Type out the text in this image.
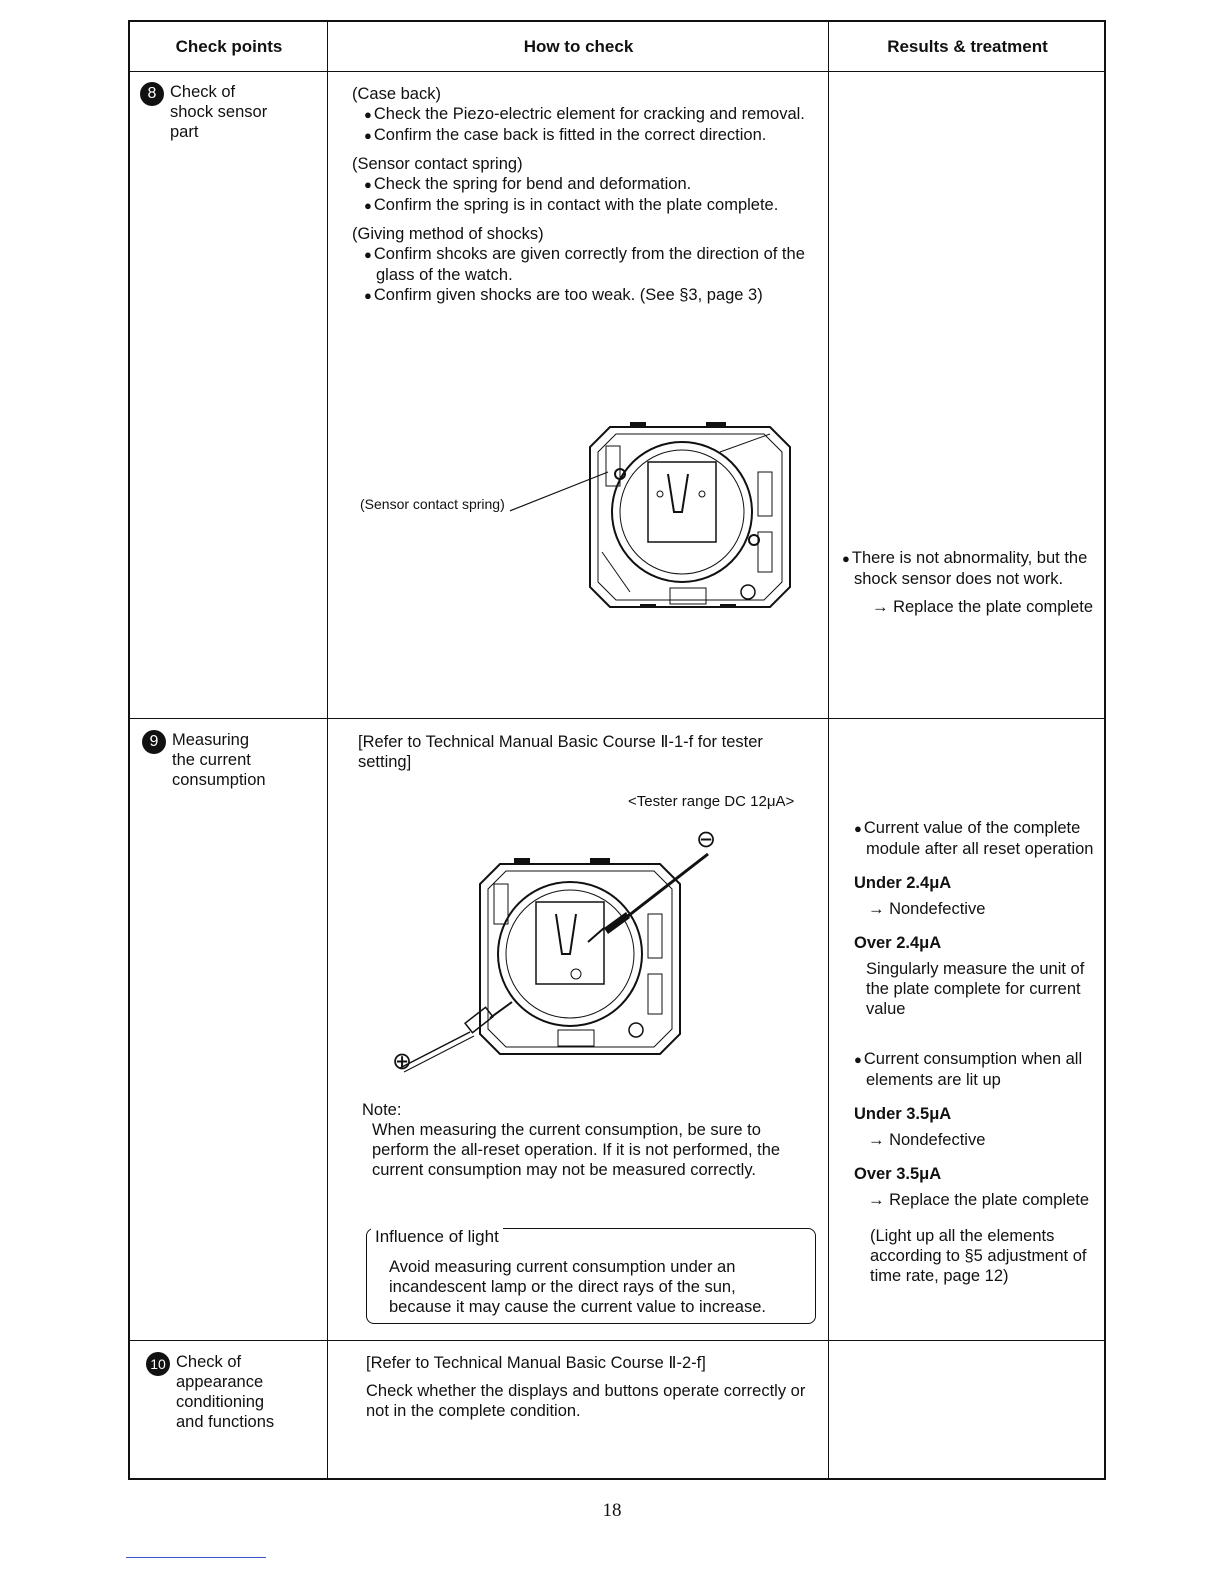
Check points	How to check	Results & treatment
8 Check of
shock sensor
part
(Case back)
● Check the Piezo-electric element for cracking and removal.
● Confirm the case back is fitted in the correct direction.
(Sensor contact spring)
● Check the spring for bend and deformation.
● Confirm the spring is in contact with the plate complete.
(Giving method of shocks)
● Confirm shcoks are given correctly from the direction of the glass of the watch.
● Confirm given shocks are too weak. (See §3, page 3)
(Sensor contact spring)
● There is not abnormality, but the shock sensor does not work.
→ Replace the plate complete
9 Measuring
the current
consumption
[Refer to Technical Manual Basic Course Ⅱ-1-f for tester setting]
<Tester range DC 12μA>
⊖
⊕
Note:
When measuring the current consumption, be sure to perform the all-reset operation. If it is not performed, the current consumption may not be measured correctly.
Influence of light
Avoid measuring current consumption under an incandescent lamp or the direct rays of the sun, because it may cause the current value to increase.
● Current value of the complete module after all reset operation
Under 2.4μA
→ Nondefective
Over 2.4μA
Singularly measure the unit of the plate complete for current value
● Current consumption when all elements are lit up
Under 3.5μA
→ Nondefective
Over 3.5μA
→ Replace the plate complete
(Light up all the elements according to §5 adjustment of time rate, page 12)
10 Check of
appearance
conditioning
and functions
[Refer to Technical Manual Basic Course Ⅱ-2-f]
Check whether the displays and buttons operate correctly or not in the complete condition.
18
